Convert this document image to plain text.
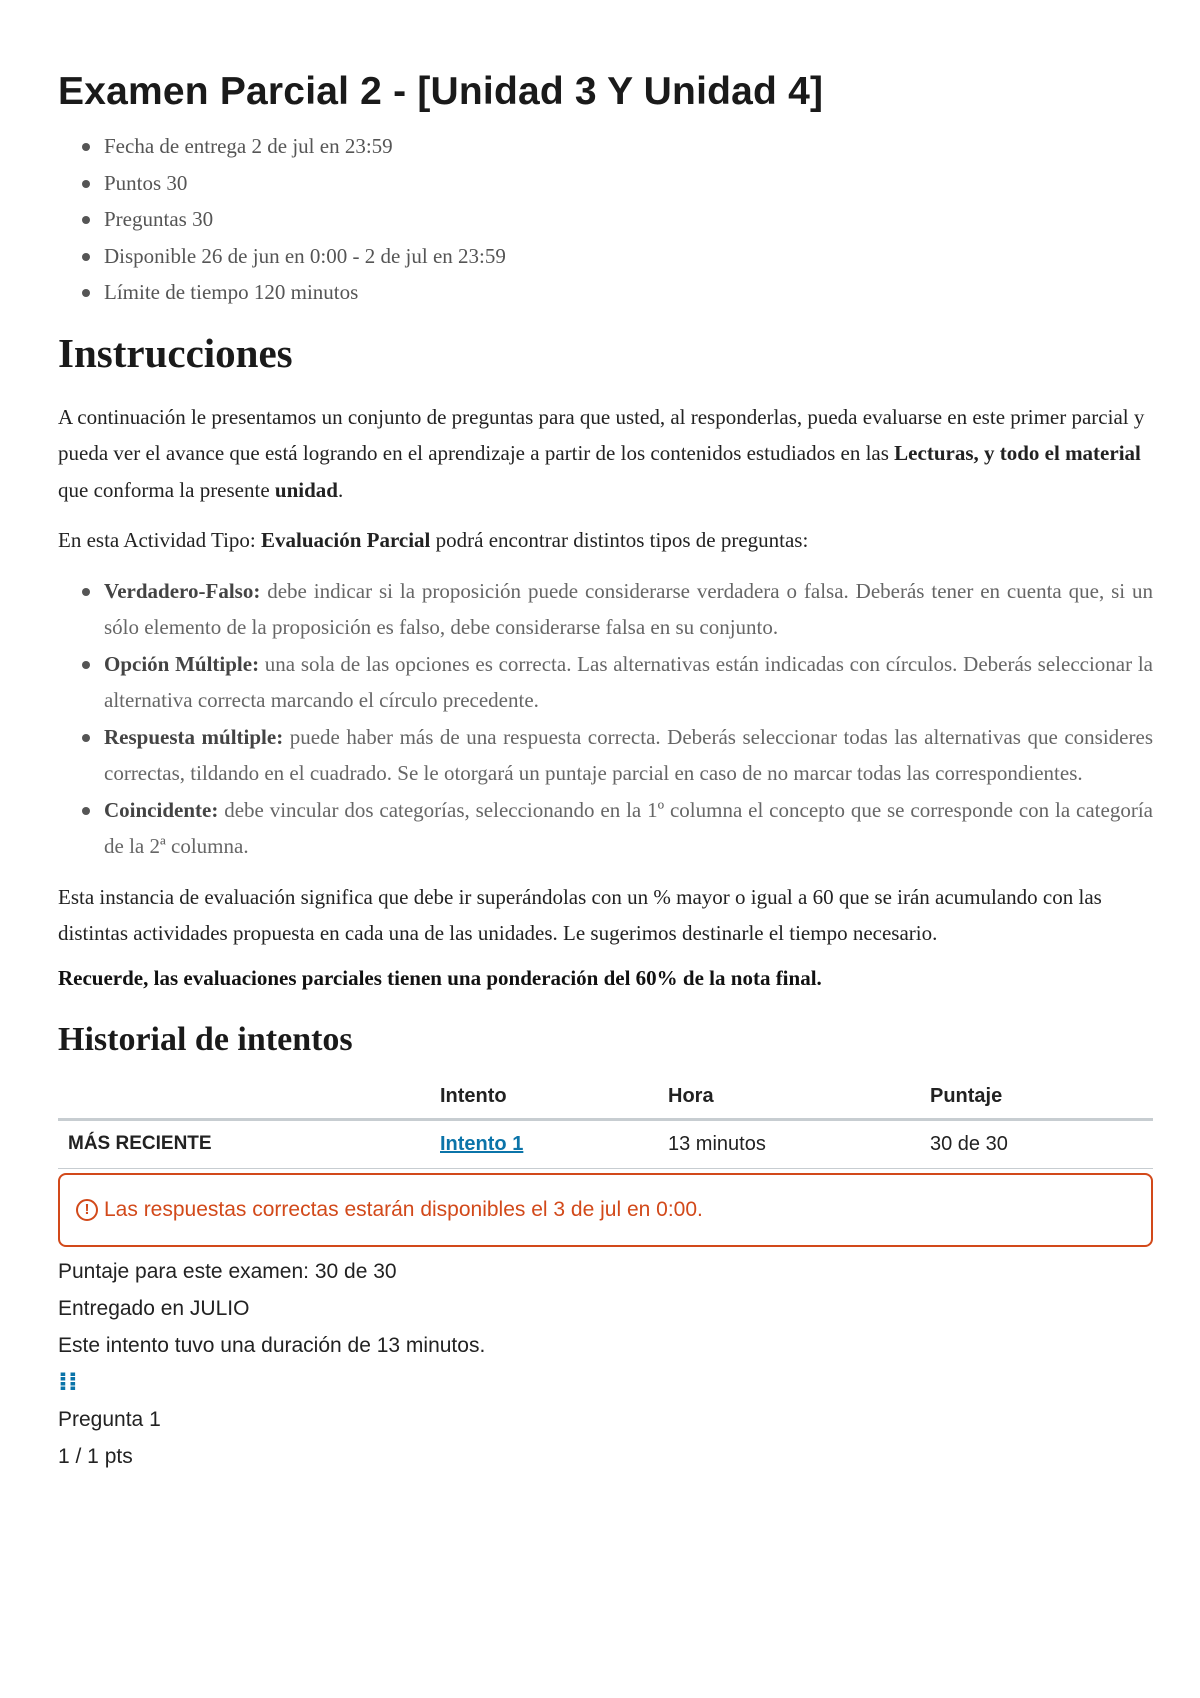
Examen Parcial 2 - [Unidad 3 Y Unidad 4]
Fecha de entrega 2 de jul en 23:59
Puntos 30
Preguntas 30
Disponible 26 de jun en 0:00 - 2 de jul en 23:59
Límite de tiempo 120 minutos
Instrucciones

A continuación le presentamos un conjunto de preguntas para que usted, al responderlas, pueda evaluarse en este primer parcial y pueda ver el avance que está logrando en el aprendizaje a partir de los contenidos estudiados en las Lecturas, y todo el material que conforma la presente unidad.

En esta Actividad Tipo: Evaluación Parcial podrá encontrar distintos tipos de preguntas:

Verdadero-Falso: debe indicar si la proposición puede considerarse verdadera o falsa. Deberás tener en cuenta que, si un sólo elemento de la proposición es falso, debe considerarse falsa en su conjunto.
Opción Múltiple: una sola de las opciones es correcta. Las alternativas están indicadas con círculos. Deberás seleccionar la alternativa correcta marcando el círculo precedente.
Respuesta múltiple: puede haber más de una respuesta correcta. Deberás seleccionar todas las alternativas que consideres correctas, tildando en el cuadrado. Se le otorgará un puntaje parcial en caso de no marcar todas las correspondientes.
Coincidente: debe vincular dos categorías, seleccionando en la 1º columna el concepto que se corresponde con la categoría de la 2ª columna.

Esta instancia de evaluación significa que debe ir superándolas con un % mayor o igual a 60 que se irán acumulando con las distintas actividades propuesta en cada una de las unidades. Le sugerimos destinarle el tiempo necesario.

Recuerde, las evaluaciones parciales tienen una ponderación del 60% de la nota final.

Historial de intentos
	Intento	Hora	Puntaje
MÁS RECIENTE	Intento 1	13 minutos	30 de 30
! Las respuestas correctas estarán disponibles el 3 de jul en 0:00.
Puntaje para este examen: 30 de 30
Entregado en JULIO
Este intento tuvo una duración de 13 minutos.
⁞⁞
Pregunta 1
1 / 1 pts
